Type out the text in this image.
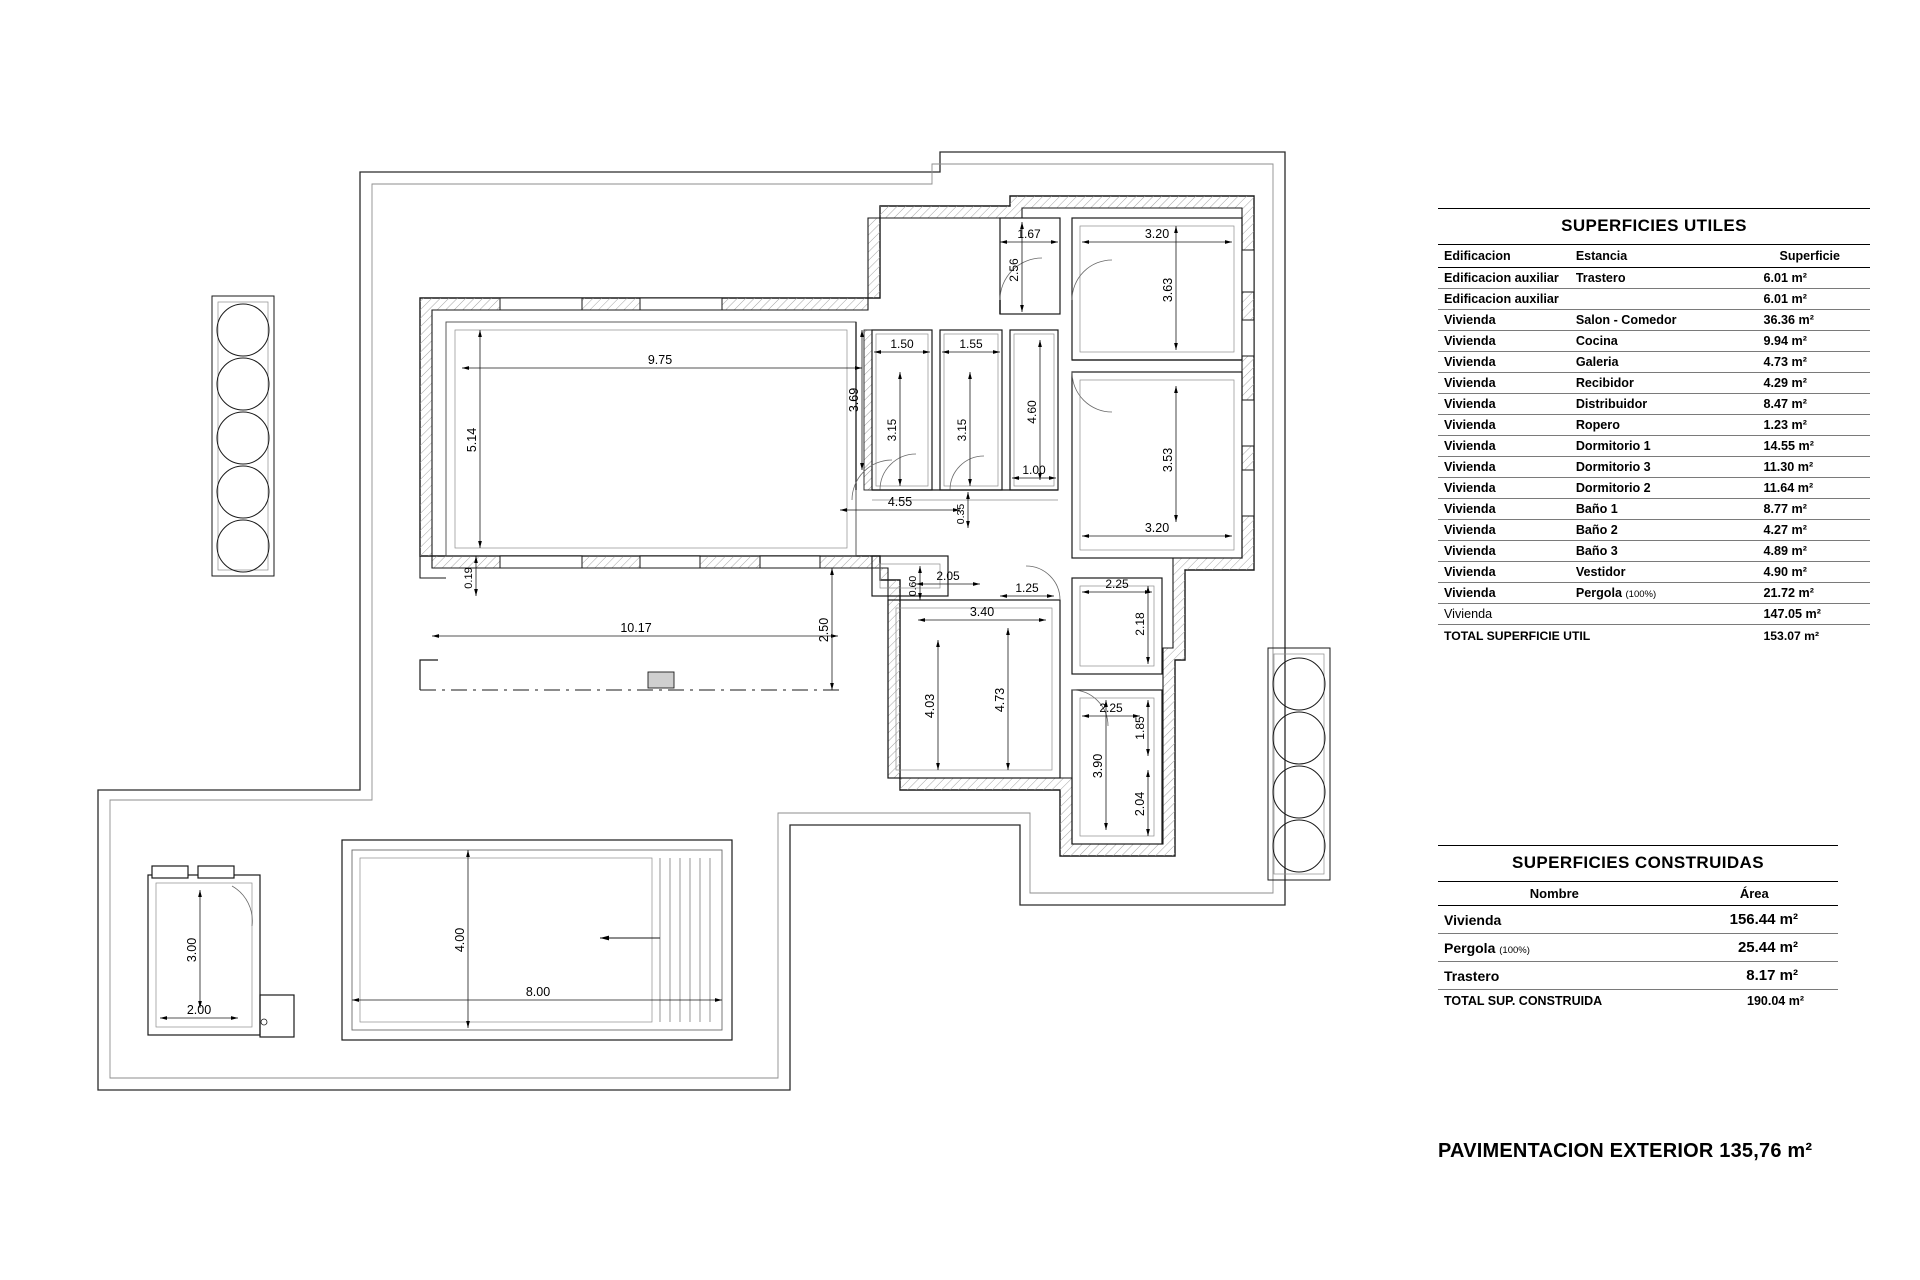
9.75
5.14
0.19
3.69
3.15	3.15
1.50	1.55
4.60
1.00
4.55
0.35
1.67
2.56
3.20
3.63
3.53
3.20
0.60 2.05
1.25	2.25
2.18
3.40
4.73
4.03	2.25
1.85
3.90
2.04
10.17	2.50
8.00
4.00
3.00
2.00
SUPERFICIES UTILES		
Edificacion	Estancia	Superficie
Edificacion auxiliar	Trastero	6.01 m²
Edificacion auxiliar		6.01 m²
Vivienda	Salon - Comedor	36.36 m²
Vivienda	Cocina	9.94 m²
Vivienda	Galeria	4.73 m²
Vivienda	Recibidor	4.29 m²
Vivienda	Distribuidor	8.47 m²
Vivienda	Ropero	1.23 m²
Vivienda	Dormitorio 1	14.55 m²
Vivienda	Dormitorio 3	11.30 m²
Vivienda	Dormitorio 2	11.64 m²
Vivienda	Baño 1	8.77 m²
Vivienda	Baño 2	4.27 m²
Vivienda	Baño 3	4.89 m²
Vivienda	Vestidor	4.90 m²
Vivienda	Pergola (100%)	21.72 m²
Vivienda		147.05 m²
TOTAL SUPERFICIE UTIL		153.07 m²
SUPERFICIES CONSTRUIDAS	
Nombre	Área
Vivienda	156.44 m²
Pergola (100%)	25.44 m²
Trastero	8.17 m²
TOTAL SUP. CONSTRUIDA	190.04 m²
PAVIMENTACION EXTERIOR 135,76 m²
